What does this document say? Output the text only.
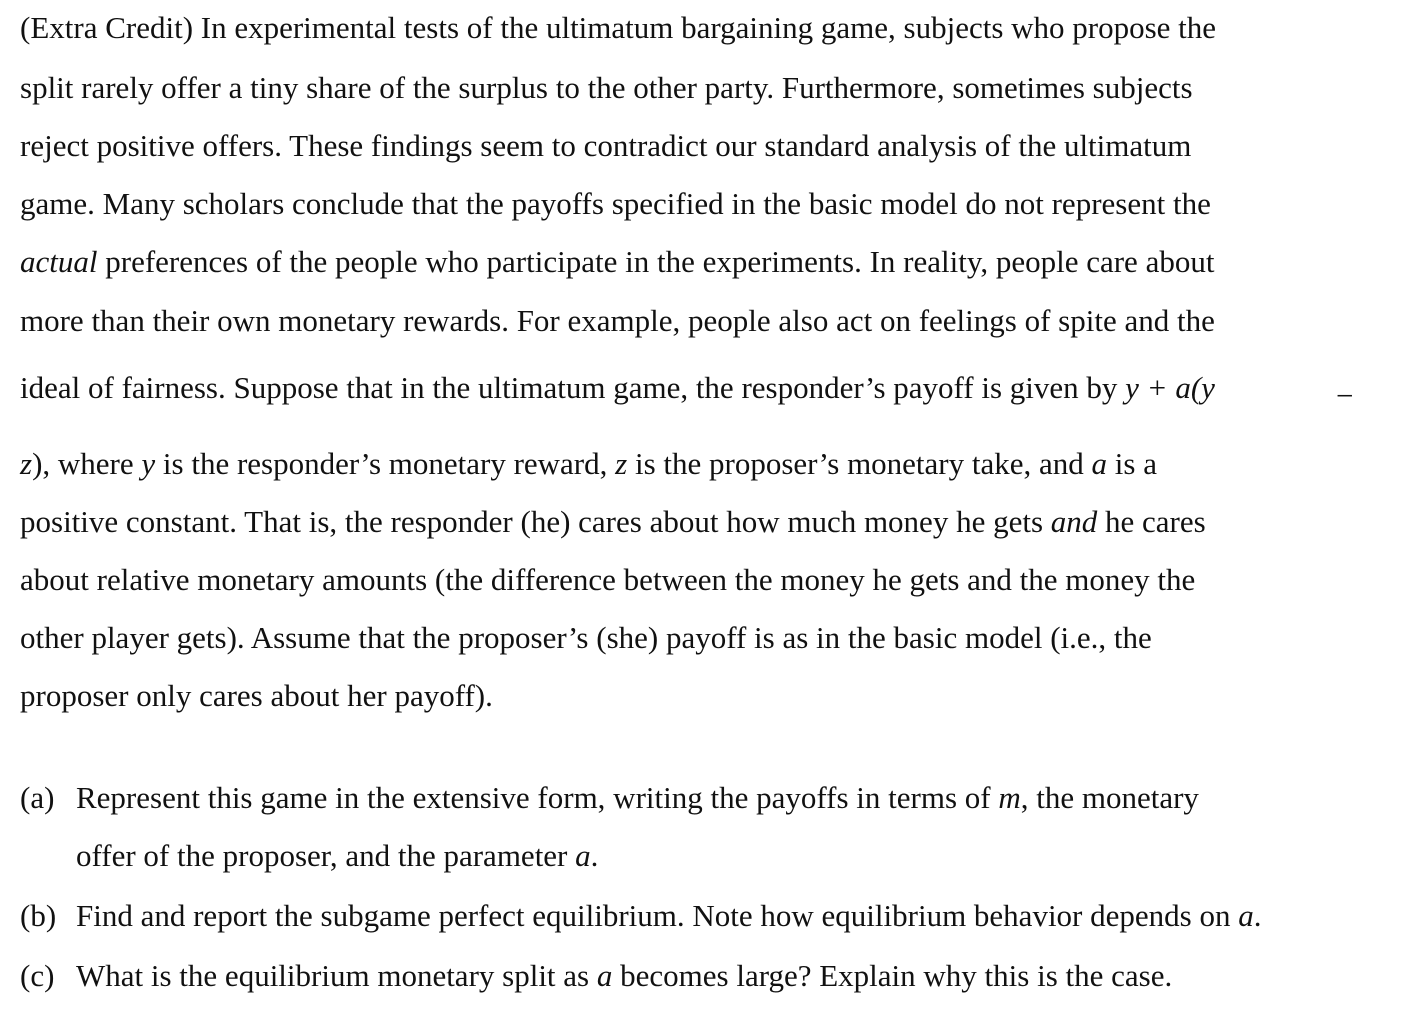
(Extra Credit) In experimental tests of the ultimatum bargaining game, subjects who propose the
split rarely offer a tiny share of the surplus to the other party. Furthermore, sometimes subjects
reject positive offers. These findings seem to contradict our standard analysis of the ultimatum
game. Many scholars conclude that the payoffs specified in the basic model do not represent the
actual preferences of the people who participate in the experiments. In reality, people care about
more than their own monetary rewards. For example, people also act on feelings of spite and the
ideal of fairness. Suppose that in the ultimatum game, the responder’s payoff is given by y + a(y	−
z), where y is the responder’s monetary reward, z is the proposer’s monetary take, and a is a
positive constant. That is, the responder (he) cares about how much money he gets and he cares
about relative monetary amounts (the difference between the money he gets and the money the
other player gets). Assume that the proposer’s (she) payoff is as in the basic model (i.e., the
proposer only cares about her payoff).
(a) Represent this game in the extensive form, writing the payoffs in terms of m, the monetary
offer of the proposer, and the parameter a.
(b) Find and report the subgame perfect equilibrium. Note how equilibrium behavior depends on a.
(c) What is the equilibrium monetary split as a becomes large? Explain why this is the case.
